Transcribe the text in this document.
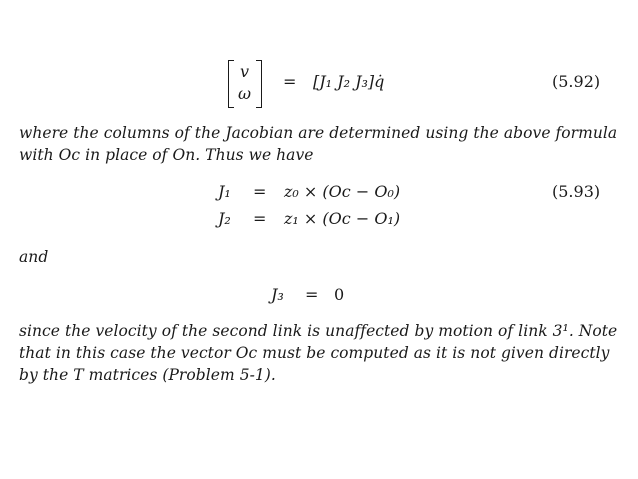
v
ω
= [J₁ J₂ J₃]q̇	(5.92)
where the columns of the Jacobian are determined using the above formula
with Oc in place of On. Thus we have
J₁ = z₀ × (Oc − O₀)	(5.93)
J₂ = z₁ × (Oc − O₁)
and
J₃ = 0
since the velocity of the second link is unaffected by motion of link 3¹. Note
that in this case the vector Oc must be computed as it is not given directly
by the T matrices (Problem 5-1).
